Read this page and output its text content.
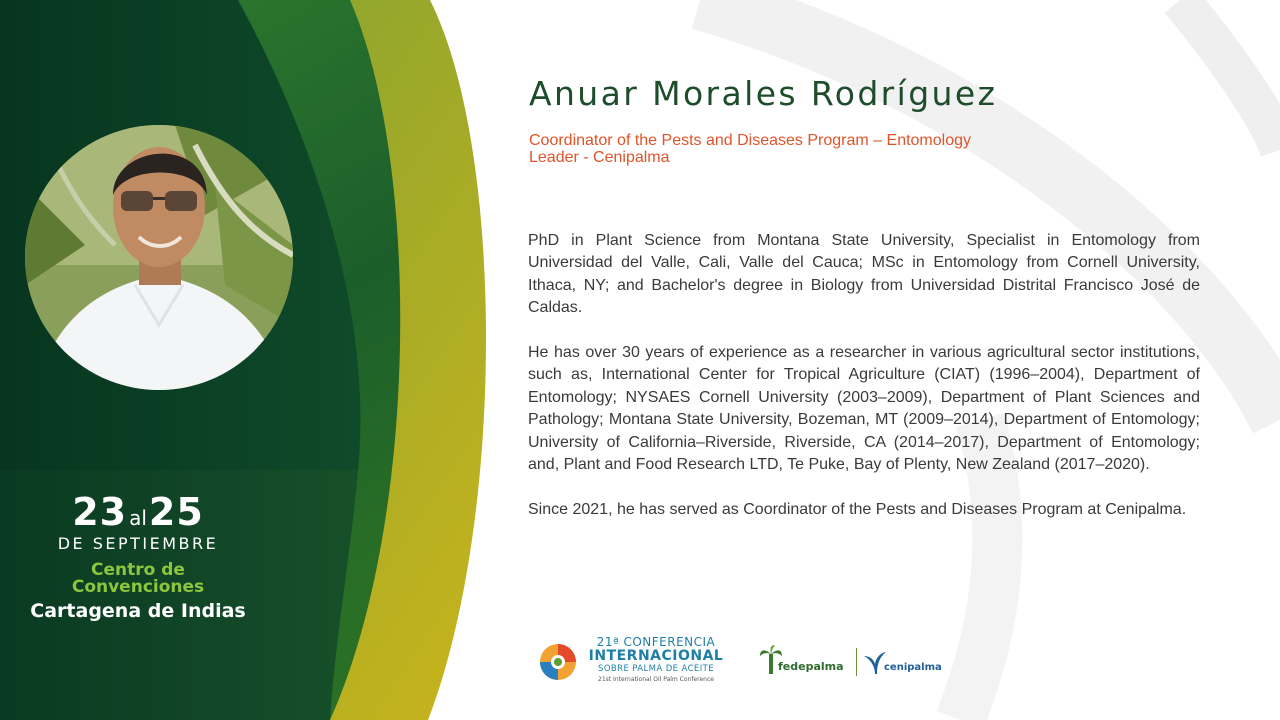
23 al25
DE SEPTIEMBRE
Centro de
Convenciones
Cartagena de Indias
Anuar Morales Rodríguez
Coordinator of the Pests and Diseases Program – Entomology
Leader - Cenipalma

PhD in Plant Science from Montana State University, Specialist in Entomology from Universidad del Valle, Cali, Valle del Cauca; MSc in Entomology from Cornell University, Ithaca, NY; and Bachelor's degree in Biology from Universidad Distrital Francisco José de Caldas.

He has over 30 years of experience as a researcher in various agricultural sector institutions, such as, International Center for Tropical Agriculture (CIAT) (1996–2004), Department of Entomology; NYSAES Cornell University (2003–2009), Department of Plant Sciences and Pathology; Montana State University, Bozeman, MT (2009–2014), Department of Entomology; University of California–Riverside, Riverside, CA (2014–2017), Department of Entomology; and, Plant and Food Research LTD, Te Puke, Bay of Plenty, New Zealand (2017–2020).

Since 2021, he has served as Coordinator of the Pests and Diseases Program at Cenipalma.

21ª CONFERENCIA
INTERNACIONAL
SOBRE PALMA DE ACEITE
21st International Oil Palm Conference
fedepalma	cenipalma
